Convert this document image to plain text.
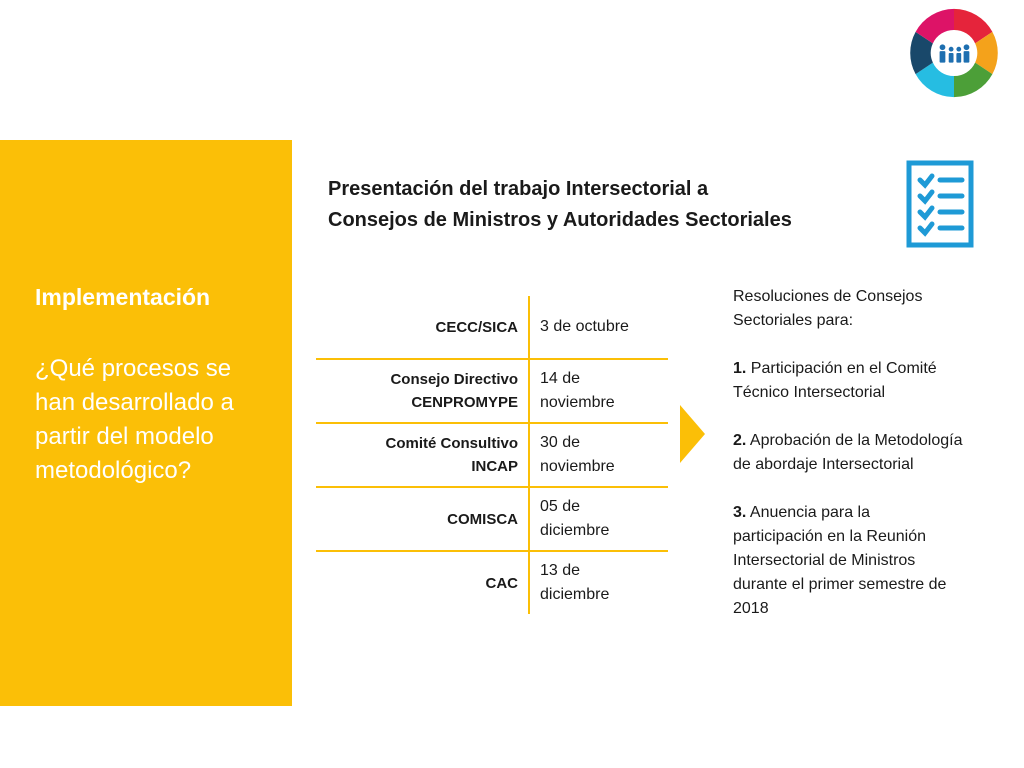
Implementación
¿Qué procesos se han desarrollado a partir del modelo metodológico?
Presentación del trabajo Intersectorial a
Consejos de Ministros y Autoridades Sectoriales
CECC/SICA 3 de octubre
Consejo Directivo
CENPROMYPE
14 de noviembre
Comité Consultivo
INCAP
30 de noviembre
COMISCA
05 de diciembre
CAC
13 de diciembre

Resoluciones de Consejos Sectoriales para:

1. Participación en el Comité Técnico Intersectorial

2. Aprobación de la Metodología de abordaje Intersectorial

3. Anuencia para la participación en la Reunión Intersectorial de Ministros durante el primer semestre de 2018
